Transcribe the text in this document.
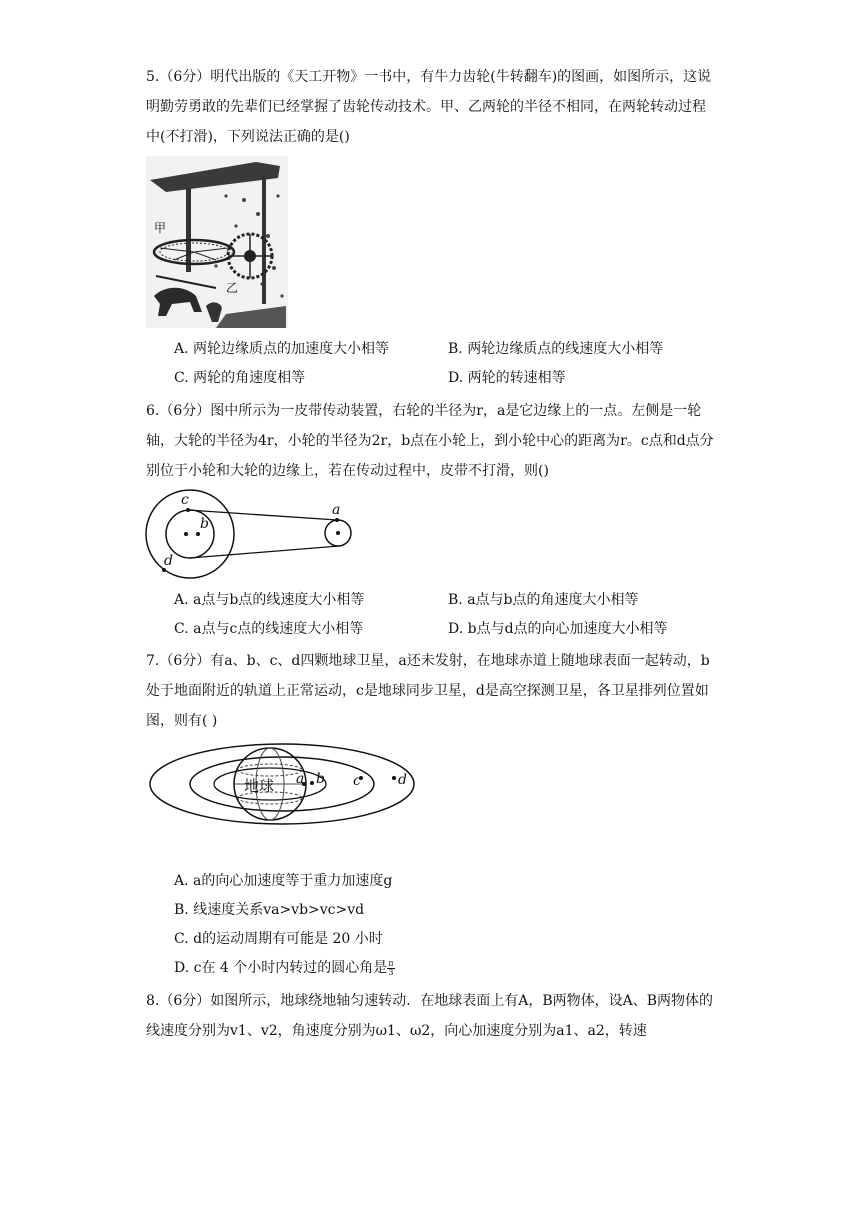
5.（6分）明代出版的《天工开物》一书中，有牛力齿轮(牛转翻车)的图画，如图所示，这说明勤劳勇敢的先辈们已经掌握了齿轮传动技术。甲、乙两轮的半径不相同，在两轮转动过程中(不打滑)，下列说法正确的是()

甲
乙
A. 两轮边缘质点的加速度大小相等	B. 两轮边缘质点的线速度大小相等
C. 两轮的角速度相等	D. 两轮的转速相等

6.（6分）图中所示为一皮带传动装置，右轮的半径为r，a是它边缘上的一点。左侧是一轮轴，大轮的半径为4r，小轮的半径为2r，b点在小轮上，到小轮中心的距离为r。c点和d点分别位于小轮和大轮的边缘上，若在传动过程中，皮带不打滑，则()

c
b
a
d
A. a点与b点的线速度大小相等	B. a点与b点的角速度大小相等
C. a点与c点的线速度大小相等	D. b点与d点的向心加速度大小相等

7.（6分）有a、b、c、d四颗地球卫星，a还未发射，在地球赤道上随地球表面一起转动，b处于地面附近的轨道上正常运动，c是地球同步卫星，d是高空探测卫星，各卫星排列位置如图，则有( )

地球 a b c	d
A. a的向心加速度等于重力加速度g
B. 线速度关系va>vb>vc>vd
C. d的运动周期有可能是 20 小时
D. c在 4 个小时内转过的圆心角是 $\frac{\pi}{3}$

8.（6分）如图所示，地球绕地轴匀速转动．在地球表面上有A，B两物体，设A、B两物体的线速度分别为v1、v2，角速度分别为ω1、ω2，向心加速度分别为a1、a2，转速
